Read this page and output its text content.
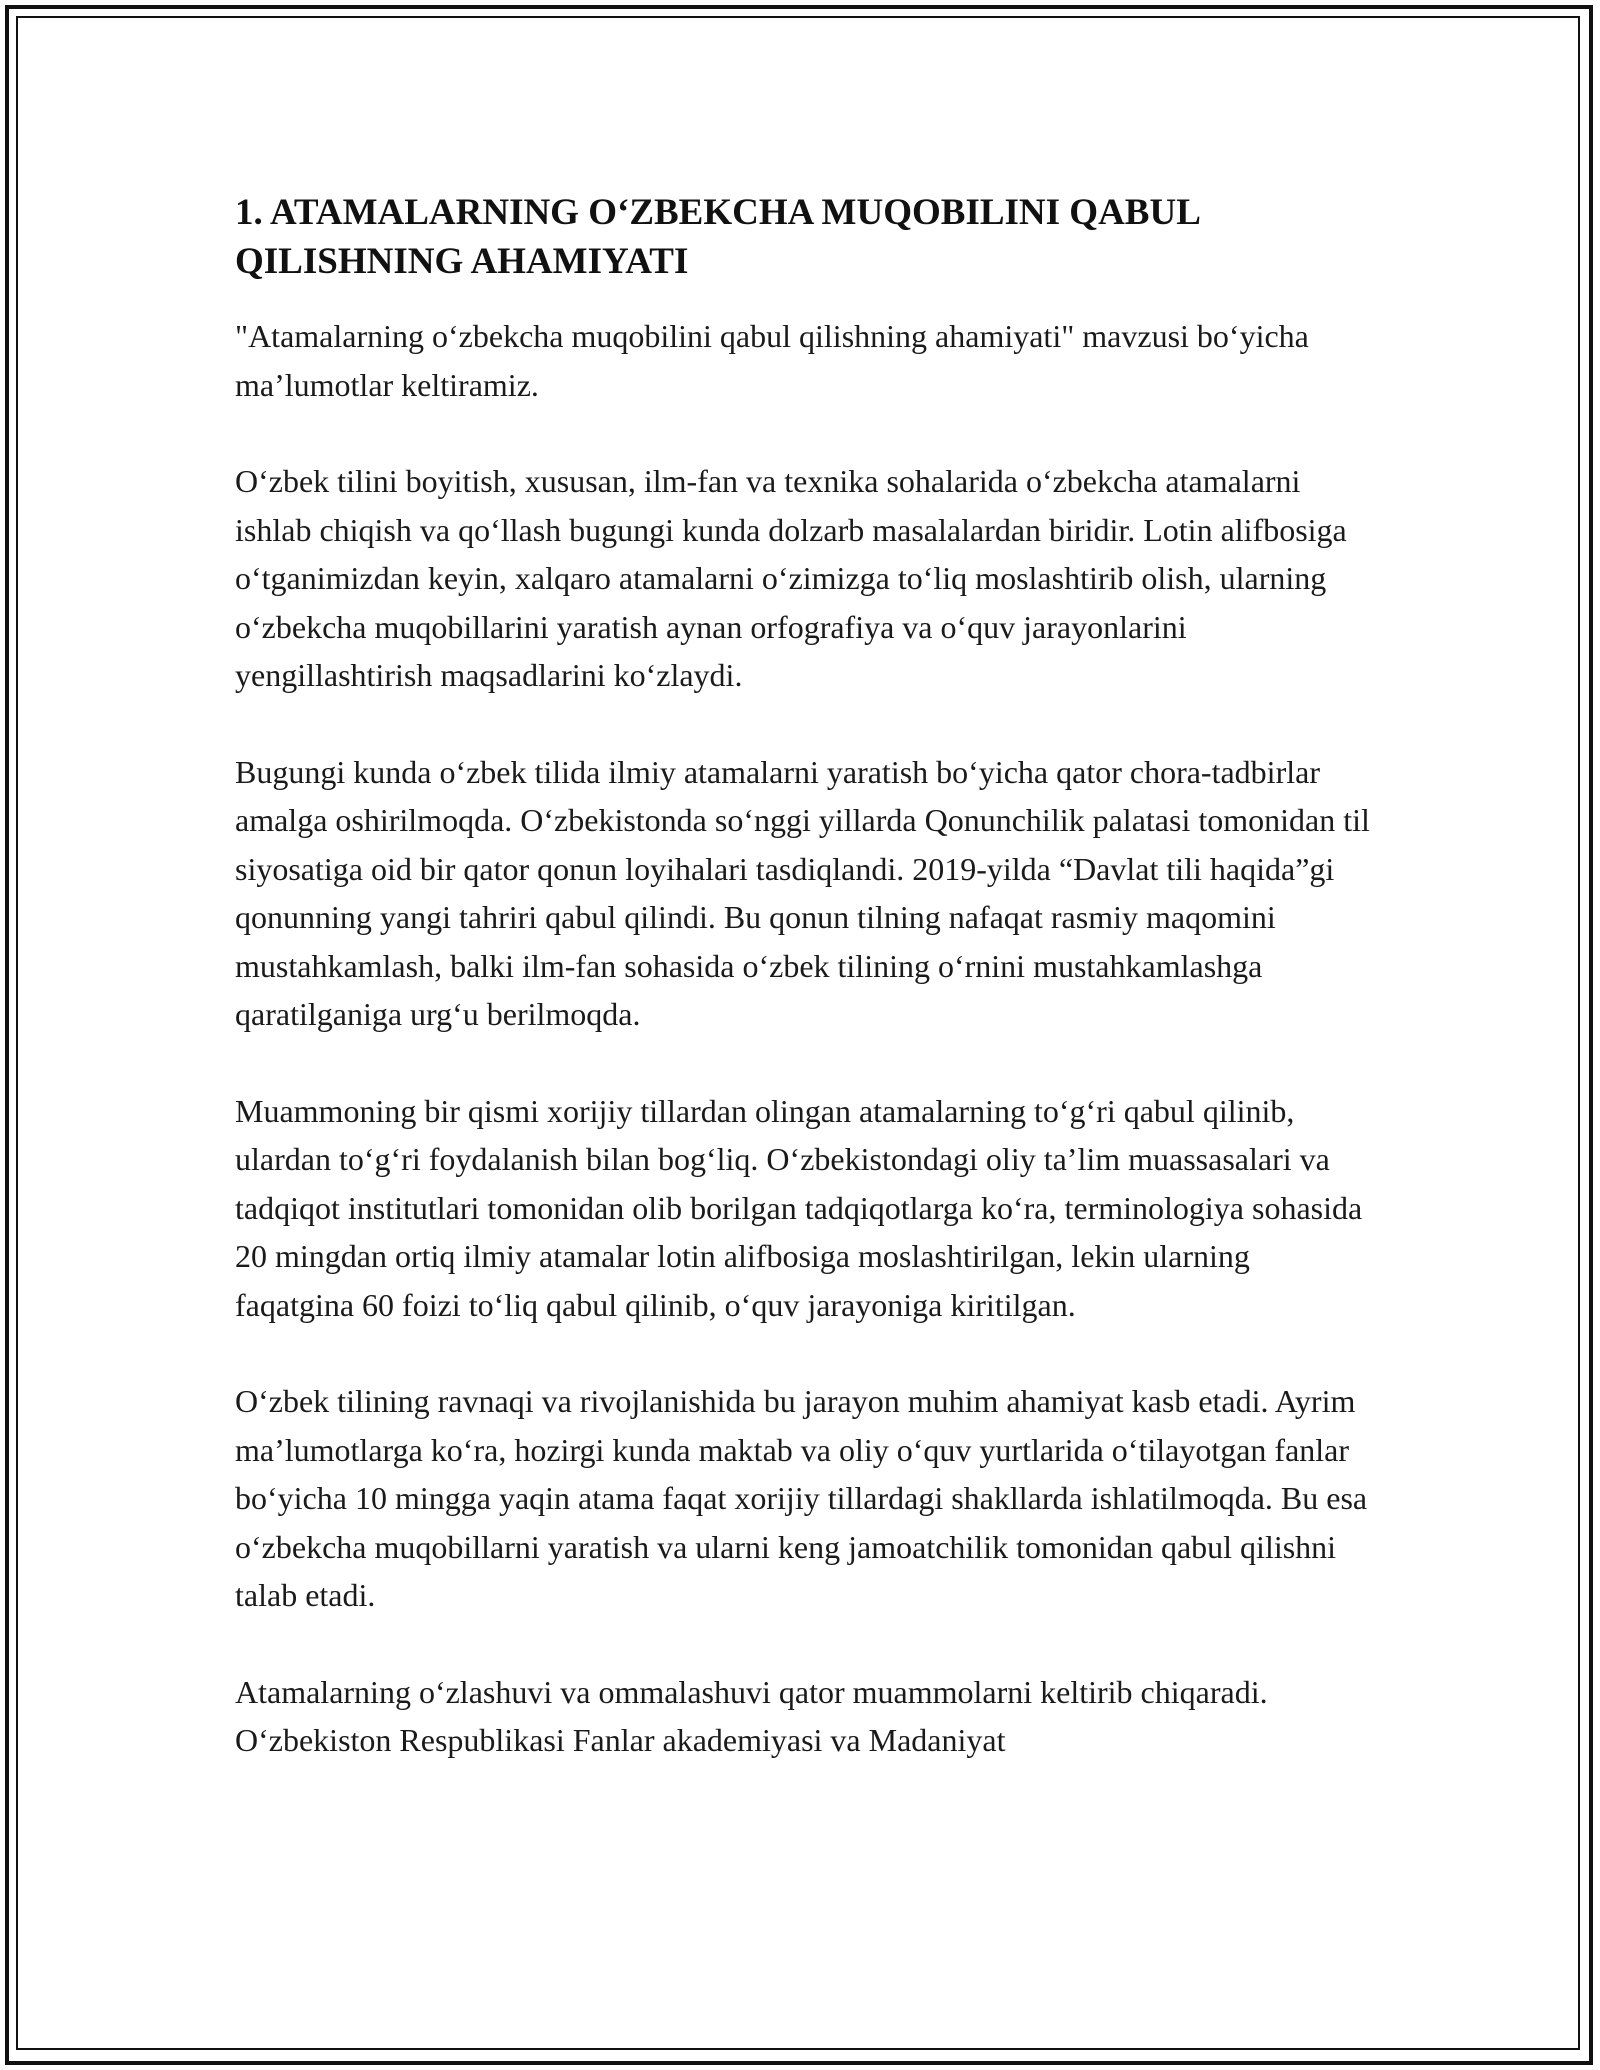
1. ATAMALARNING O‘ZBEKCHA MUQOBILINI QABUL QILISHNING AHAMIYATI

"Atamalarning o‘zbekcha muqobilini qabul qilishning ahamiyati" mavzusi bo‘yicha ma’lumotlar keltiramiz.

O‘zbek tilini boyitish, xususan, ilm-fan va texnika sohalarida o‘zbekcha atamalarni ishlab chiqish va qo‘llash bugungi kunda dolzarb masalalardan biridir. Lotin alifbosiga o‘tganimizdan keyin, xalqaro atamalarni o‘zimizga to‘liq moslashtirib olish, ularning o‘zbekcha muqobillarini yaratish aynan orfografiya va o‘quv jarayonlarini yengillashtirish maqsadlarini ko‘zlaydi.

Bugungi kunda o‘zbek tilida ilmiy atamalarni yaratish bo‘yicha qator chora-tadbirlar amalga oshirilmoqda. O‘zbekistonda so‘nggi yillarda Qonunchilik palatasi tomonidan til siyosatiga oid bir qator qonun loyihalari tasdiqlandi. 2019-yilda “Davlat tili haqida”gi qonunning yangi tahriri qabul qilindi. Bu qonun tilning nafaqat rasmiy maqomini mustahkamlash, balki ilm-fan sohasida o‘zbek tilining o‘rnini mustahkamlashga qaratilganiga urg‘u berilmoqda.

Muammoning bir qismi xorijiy tillardan olingan atamalarning to‘g‘ri qabul qilinib, ulardan to‘g‘ri foydalanish bilan bog‘liq. O‘zbekistondagi oliy ta’lim muassasalari va tadqiqot institutlari tomonidan olib borilgan tadqiqotlarga ko‘ra, terminologiya sohasida 20 mingdan ortiq ilmiy atamalar lotin alifbosiga moslashtirilgan, lekin ularning faqatgina 60 foizi to‘liq qabul qilinib, o‘quv jarayoniga kiritilgan.

O‘zbek tilining ravnaqi va rivojlanishida bu jarayon muhim ahamiyat kasb etadi. Ayrim ma’lumotlarga ko‘ra, hozirgi kunda maktab va oliy o‘quv yurtlarida o‘tilayotgan fanlar bo‘yicha 10 mingga yaqin atama faqat xorijiy tillardagi shakllarda ishlatilmoqda. Bu esa o‘zbekcha muqobillarni yaratish va ularni keng jamoatchilik tomonidan qabul qilishni talab etadi.

Atamalarning o‘zlashuvi va ommalashuvi qator muammolarni keltirib chiqaradi. O‘zbekiston Respublikasi Fanlar akademiyasi va Madaniyat
